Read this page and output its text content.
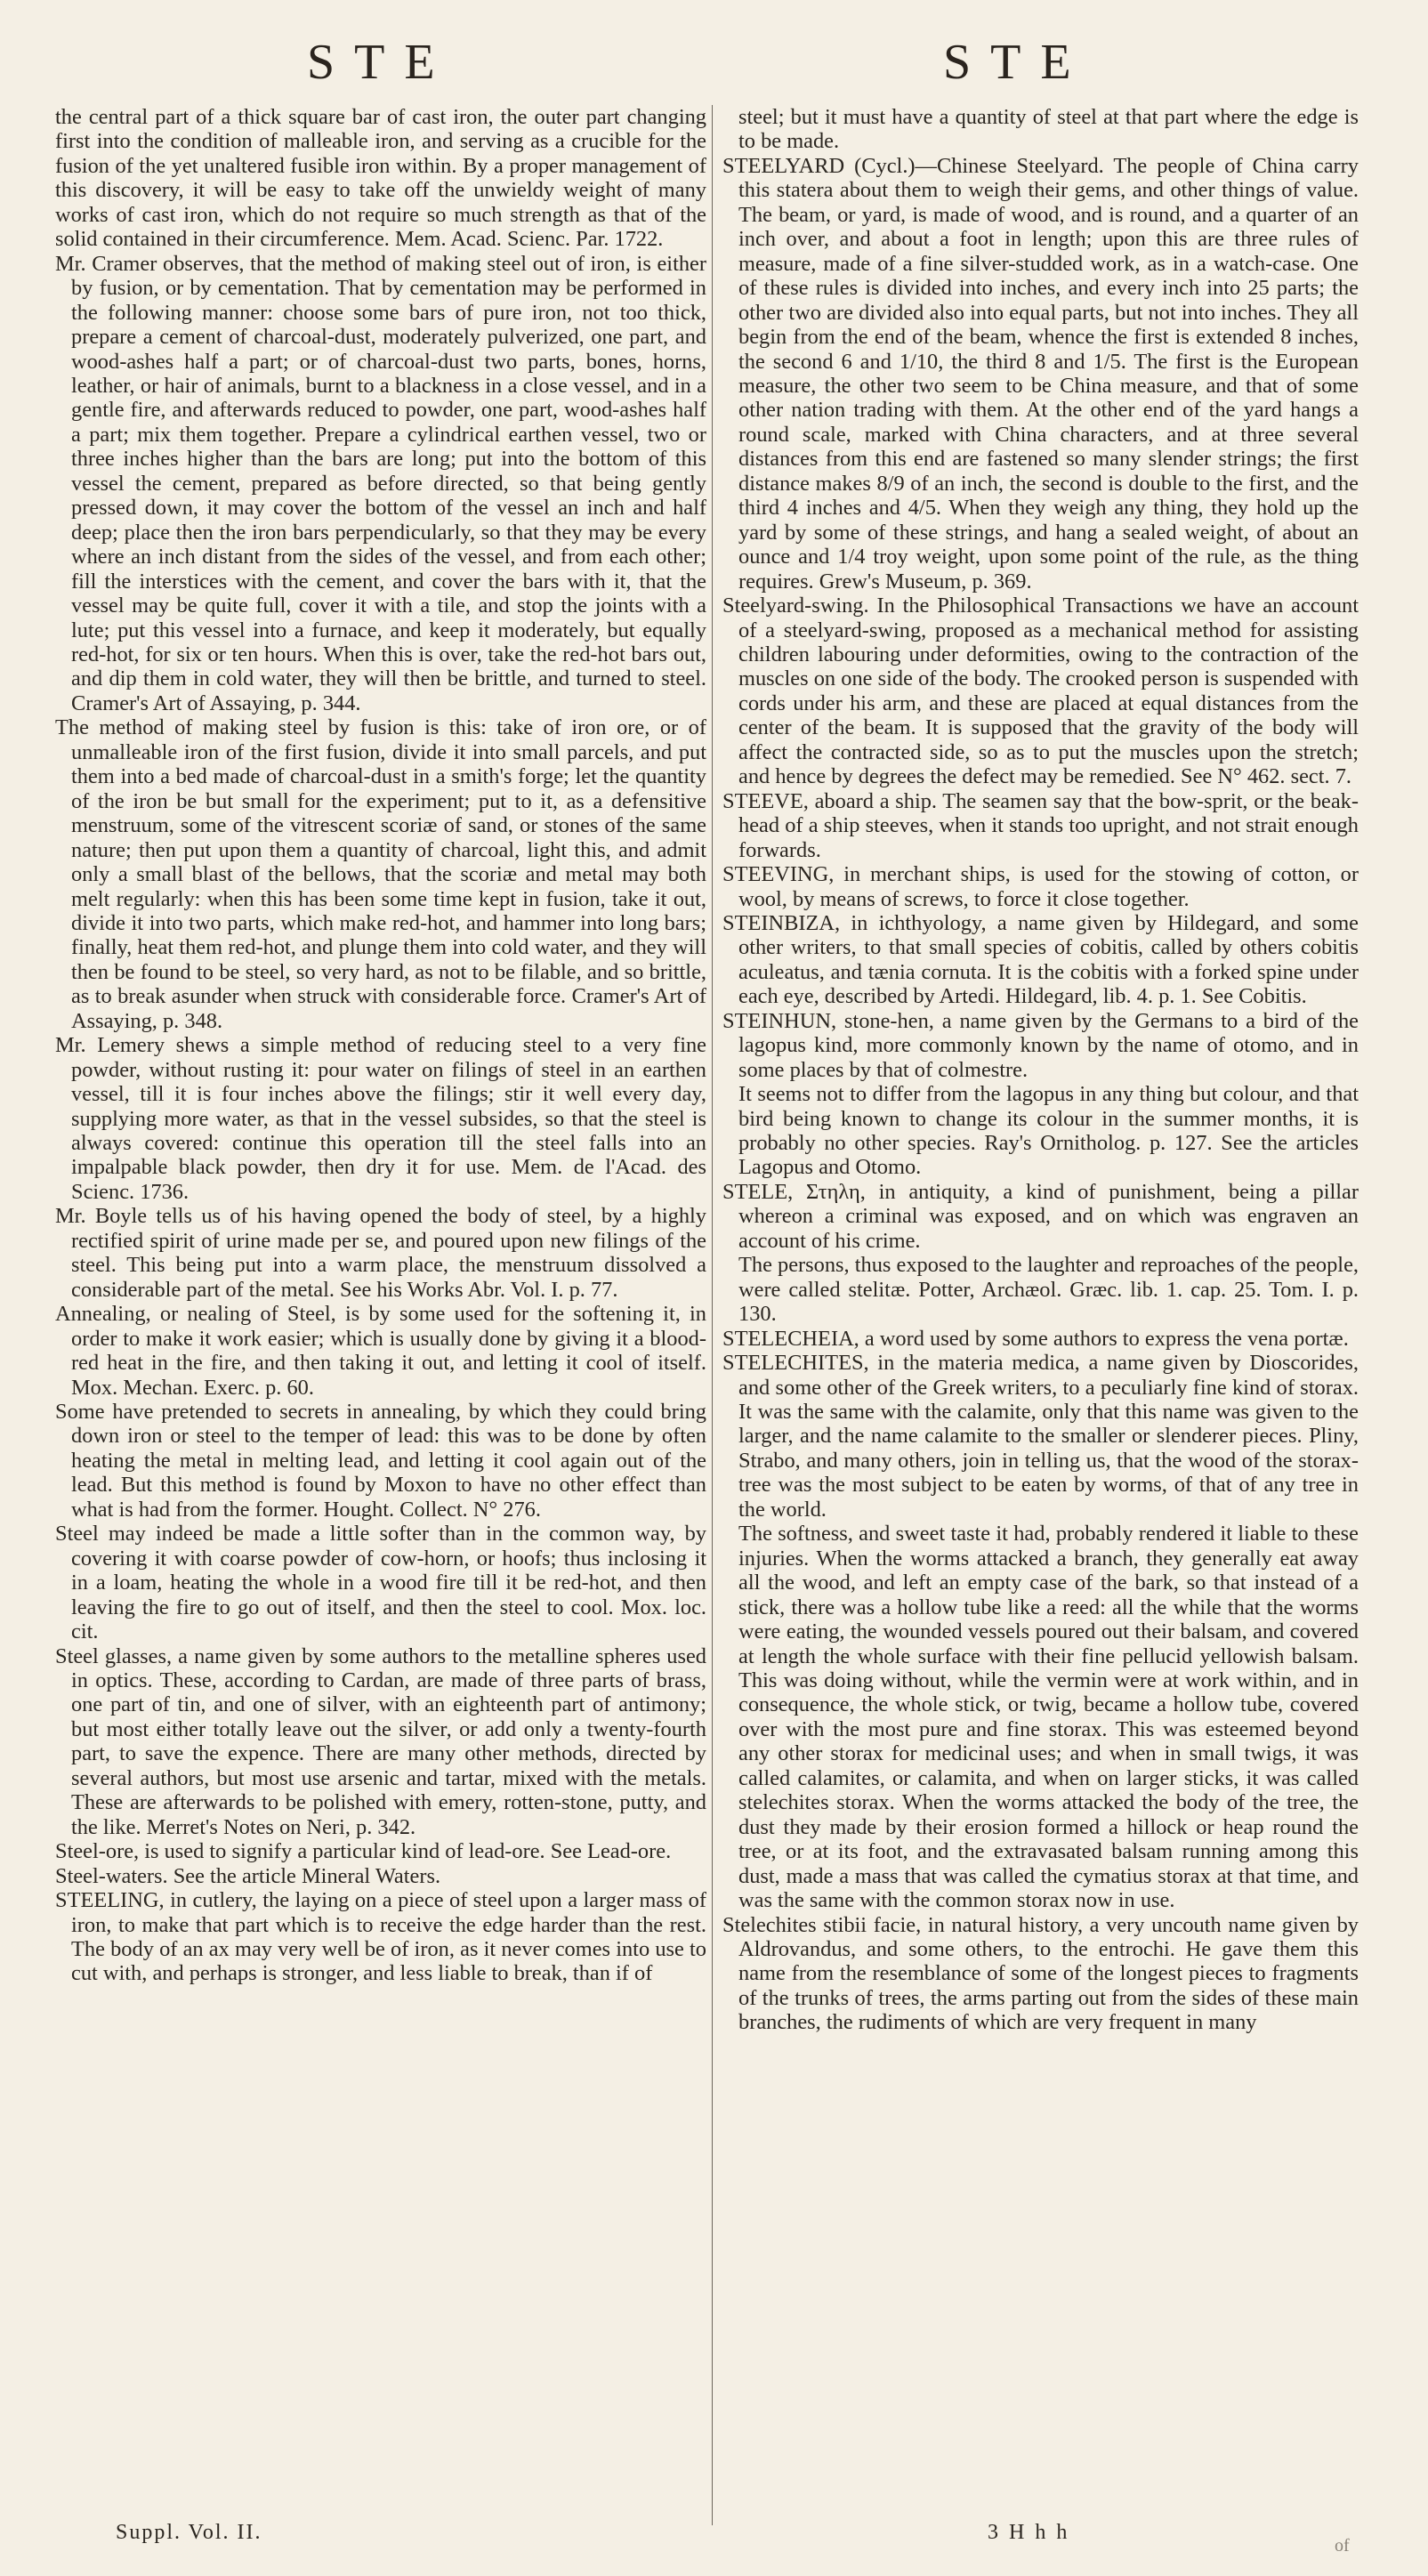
STE	STE

the central part of a thick square bar of cast iron, the outer part changing first into the condition of malleable iron, and serving as a crucible for the fusion of the yet unaltered fusible iron within. By a proper management of this discovery, it will be easy to take off the unwieldy weight of many works of cast iron, which do not require so much strength as that of the solid contained in their circumference. Mem. Acad. Scienc. Par. 1722.

Mr. Cramer observes, that the method of making steel out of iron, is either by fusion, or by cementation. That by cementation may be performed in the following manner: choose some bars of pure iron, not too thick, prepare a cement of charcoal-dust, moderately pulverized, one part, and wood-ashes half a part; or of charcoal-dust two parts, bones, horns, leather, or hair of animals, burnt to a blackness in a close vessel, and in a gentle fire, and afterwards reduced to powder, one part, wood-ashes half a part; mix them together. Prepare a cylindrical earthen vessel, two or three inches higher than the bars are long; put into the bottom of this vessel the cement, prepared as before directed, so that being gently pressed down, it may cover the bottom of the vessel an inch and half deep; place then the iron bars perpendicularly, so that they may be every where an inch distant from the sides of the vessel, and from each other; fill the interstices with the cement, and cover the bars with it, that the vessel may be quite full, cover it with a tile, and stop the joints with a lute; put this vessel into a furnace, and keep it moderately, but equally red-hot, for six or ten hours. When this is over, take the red-hot bars out, and dip them in cold water, they will then be brittle, and turned to steel. Cramer's Art of Assaying, p. 344.

The method of making steel by fusion is this: take of iron ore, or of unmalleable iron of the first fusion, divide it into small parcels, and put them into a bed made of charcoal-dust in a smith's forge; let the quantity of the iron be but small for the experiment; put to it, as a defensitive menstruum, some of the vitrescent scoriæ of sand, or stones of the same nature; then put upon them a quantity of charcoal, light this, and admit only a small blast of the bellows, that the scoriæ and metal may both melt regularly: when this has been some time kept in fusion, take it out, divide it into two parts, which make red-hot, and hammer into long bars; finally, heat them red-hot, and plunge them into cold water, and they will then be found to be steel, so very hard, as not to be filable, and so brittle, as to break asunder when struck with considerable force. Cramer's Art of Assaying, p. 348.

Mr. Lemery shews a simple method of reducing steel to a very fine powder, without rusting it: pour water on filings of steel in an earthen vessel, till it is four inches above the filings; stir it well every day, supplying more water, as that in the vessel subsides, so that the steel is always covered: continue this operation till the steel falls into an impalpable black powder, then dry it for use. Mem. de l'Acad. des Scienc. 1736.

Mr. Boyle tells us of his having opened the body of steel, by a highly rectified spirit of urine made per se, and poured upon new filings of the steel. This being put into a warm place, the menstruum dissolved a considerable part of the metal. See his Works Abr. Vol. I. p. 77.

Annealing, or nealing of Steel, is by some used for the softening it, in order to make it work easier; which is usually done by giving it a blood-red heat in the fire, and then taking it out, and letting it cool of itself. Mox. Mechan. Exerc. p. 60.

Some have pretended to secrets in annealing, by which they could bring down iron or steel to the temper of lead: this was to be done by often heating the metal in melting lead, and letting it cool again out of the lead. But this method is found by Moxon to have no other effect than what is had from the former. Hought. Collect. N° 276.

Steel may indeed be made a little softer than in the common way, by covering it with coarse powder of cow-horn, or hoofs; thus inclosing it in a loam, heating the whole in a wood fire till it be red-hot, and then leaving the fire to go out of itself, and then the steel to cool. Mox. loc. cit.

Steel glasses, a name given by some authors to the metalline spheres used in optics. These, according to Cardan, are made of three parts of brass, one part of tin, and one of silver, with an eighteenth part of antimony; but most either totally leave out the silver, or add only a twenty-fourth part, to save the expence. There are many other methods, directed by several authors, but most use arsenic and tartar, mixed with the metals. These are afterwards to be polished with emery, rotten-stone, putty, and the like. Merret's Notes on Neri, p. 342.

Steel-ore, is used to signify a particular kind of lead-ore. See Lead-ore.

Steel-waters. See the article Mineral Waters.

STEELING, in cutlery, the laying on a piece of steel upon a larger mass of iron, to make that part which is to receive the edge harder than the rest. The body of an ax may very well be of iron, as it never comes into use to cut with, and perhaps is stronger, and less liable to break, than if of

steel; but it must have a quantity of steel at that part where the edge is to be made.

STEELYARD (Cycl.)—Chinese Steelyard. The people of China carry this statera about them to weigh their gems, and other things of value. The beam, or yard, is made of wood, and is round, and a quarter of an inch over, and about a foot in length; upon this are three rules of measure, made of a fine silver-studded work, as in a watch-case. One of these rules is divided into inches, and every inch into 25 parts; the other two are divided also into equal parts, but not into inches. They all begin from the end of the beam, whence the first is extended 8 inches, the second 6 and 1/10, the third 8 and 1/5. The first is the European measure, the other two seem to be China measure, and that of some other nation trading with them. At the other end of the yard hangs a round scale, marked with China characters, and at three several distances from this end are fastened so many slender strings; the first distance makes 8/9 of an inch, the second is double to the first, and the third 4 inches and 4/5. When they weigh any thing, they hold up the yard by some of these strings, and hang a sealed weight, of about an ounce and 1/4 troy weight, upon some point of the rule, as the thing requires. Grew's Museum, p. 369.

Steelyard-swing. In the Philosophical Transactions we have an account of a steelyard-swing, proposed as a mechanical method for assisting children labouring under deformities, owing to the contraction of the muscles on one side of the body. The crooked person is suspended with cords under his arm, and these are placed at equal distances from the center of the beam. It is supposed that the gravity of the body will affect the contracted side, so as to put the muscles upon the stretch; and hence by degrees the defect may be remedied. See N° 462. sect. 7.

STEEVE, aboard a ship. The seamen say that the bow-sprit, or the beak-head of a ship steeves, when it stands too upright, and not strait enough forwards.

STEEVING, in merchant ships, is used for the stowing of cotton, or wool, by means of screws, to force it close together.

STEINBIZA, in ichthyology, a name given by Hildegard, and some other writers, to that small species of cobitis, called by others cobitis aculeatus, and tænia cornuta. It is the cobitis with a forked spine under each eye, described by Artedi. Hildegard, lib. 4. p. 1. See Cobitis.

STEINHUN, stone-hen, a name given by the Germans to a bird of the lagopus kind, more commonly known by the name of otomo, and in some places by that of colmestre.

It seems not to differ from the lagopus in any thing but colour, and that bird being known to change its colour in the summer months, it is probably no other species. Ray's Ornitholog. p. 127. See the articles Lagopus and Otomo.

STELE, Στηλη, in antiquity, a kind of punishment, being a pillar whereon a criminal was exposed, and on which was engraven an account of his crime.

The persons, thus exposed to the laughter and reproaches of the people, were called stelitæ. Potter, Archæol. Græc. lib. 1. cap. 25. Tom. I. p. 130.

STELECHEIA, a word used by some authors to express the vena portæ.

STELECHITES, in the materia medica, a name given by Dioscorides, and some other of the Greek writers, to a peculiarly fine kind of storax. It was the same with the calamite, only that this name was given to the larger, and the name calamite to the smaller or slenderer pieces. Pliny, Strabo, and many others, join in telling us, that the wood of the storax-tree was the most subject to be eaten by worms, of that of any tree in the world.

The softness, and sweet taste it had, probably rendered it liable to these injuries. When the worms attacked a branch, they generally eat away all the wood, and left an empty case of the bark, so that instead of a stick, there was a hollow tube like a reed: all the while that the worms were eating, the wounded vessels poured out their balsam, and covered at length the whole surface with their fine pellucid yellowish balsam. This was doing without, while the vermin were at work within, and in consequence, the whole stick, or twig, became a hollow tube, covered over with the most pure and fine storax. This was esteemed beyond any other storax for medicinal uses; and when in small twigs, it was called calamites, or calamita, and when on larger sticks, it was called stelechites storax. When the worms attacked the body of the tree, the dust they made by their erosion formed a hillock or heap round the tree, or at its foot, and the extravasated balsam running among this dust, made a mass that was called the cymatius storax at that time, and was the same with the common storax now in use.

Stelechites stibii facie, in natural history, a very uncouth name given by Aldrovandus, and some others, to the entrochi. He gave them this name from the resemblance of some of the longest pieces to fragments of the trunks of trees, the arms parting out from the sides of these main branches, the rudiments of which are very frequent in many

Suppl. Vol. II.	3 H h h
of
